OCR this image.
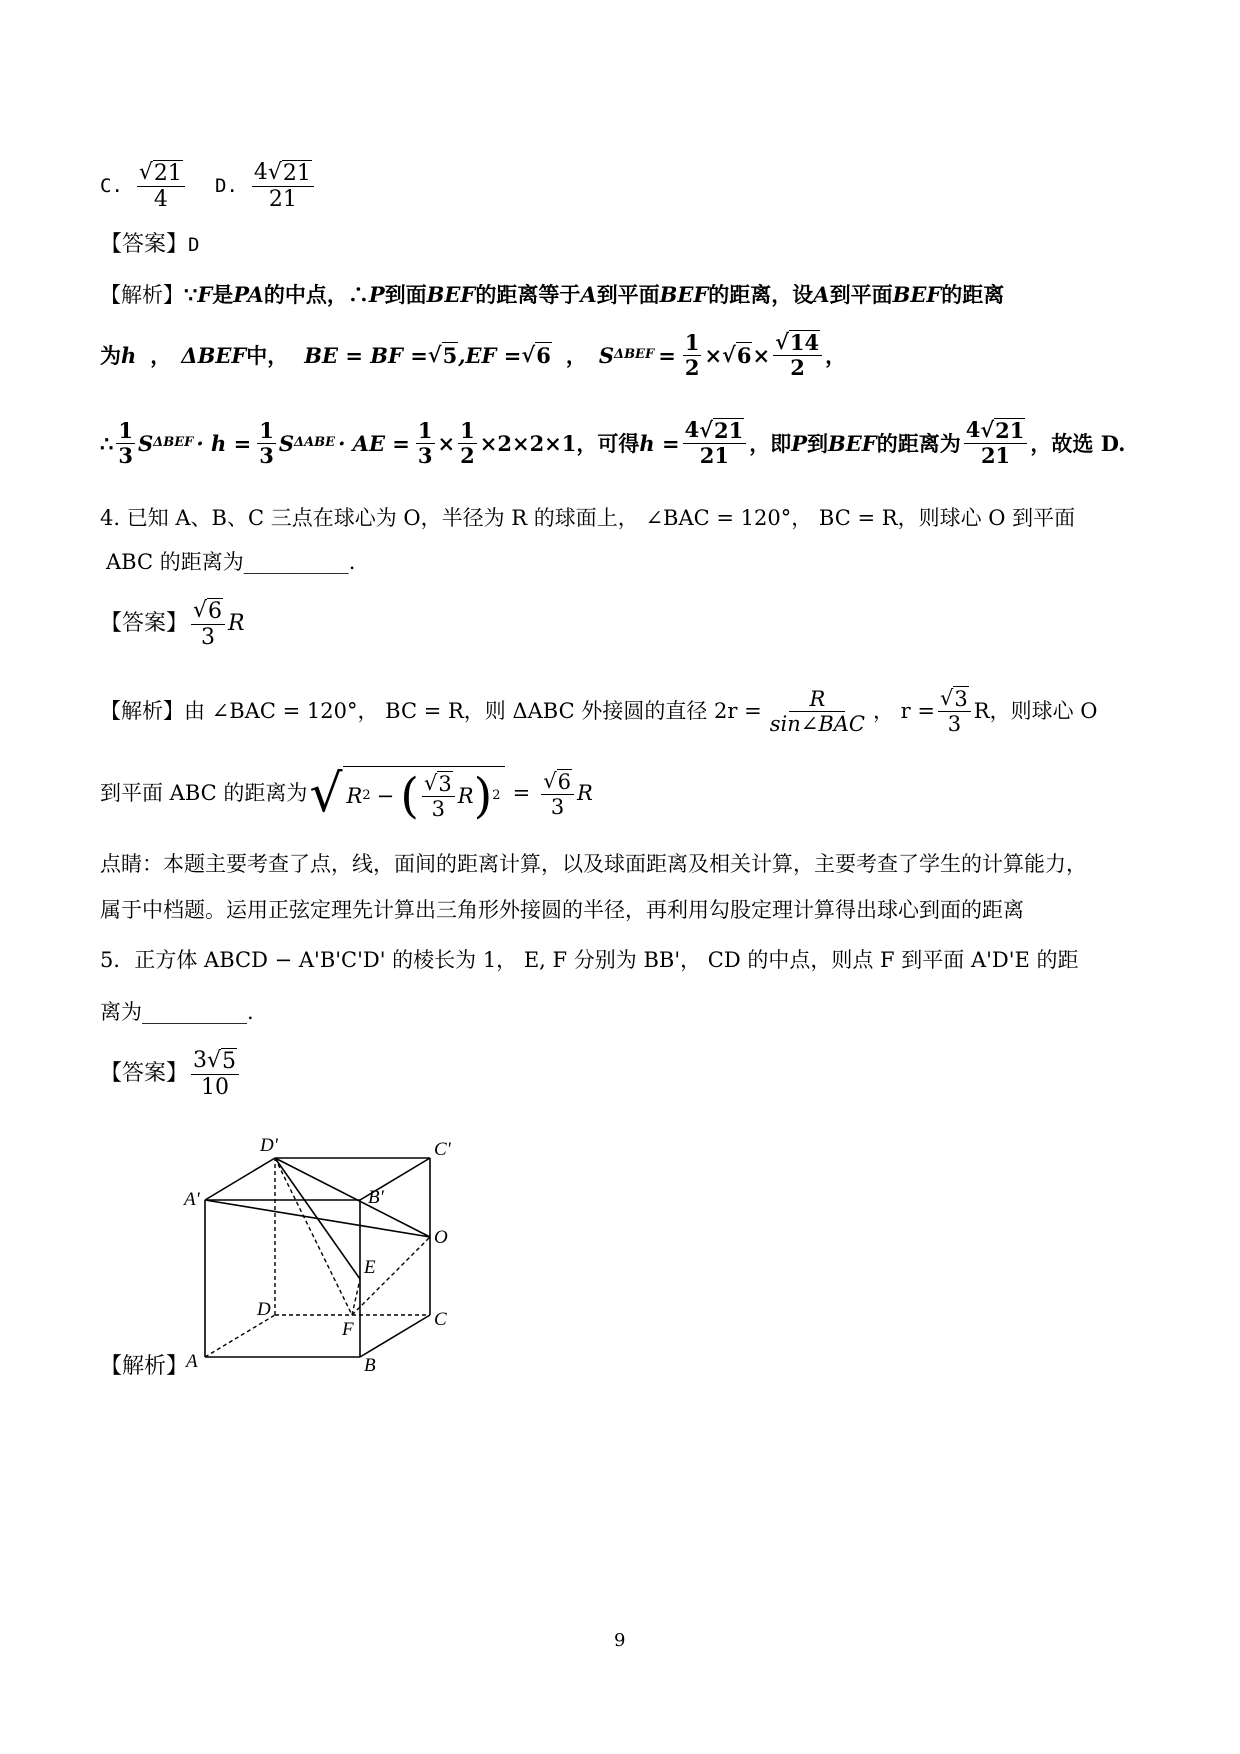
C. $\frac{√ 21}{4} D$. $\frac{4 √ 21}{21}$
【答案】D
【解析】∵F是PA的中点，∴P到面BEF的距离等于A到平面BEF的距离，设A到平面BEF的距离
为 h ， ΔBEF 中， BE = BF = √ 5 ,EF = √ 6 ， S $\Delta BEF = \frac{1}{2}$ × √ $6 \times \frac{√ 14}{2}$ ，
∴ $\frac{1}{3}$ S $\Delta BEF \cdot h = \frac{1}{3}$ S ΔABE · AE = $\frac{1}{3} \times \frac{1}{2} \times 2\times 2\times 1$ ，可得 $h = \frac{4 √ 21}{21}$ ，即 P 到 BEF 的距离为 $\frac{4 √ 21}{21}$ ，故选 D.
4. 已知 A、B、C 三点在球心为 O，半径为 R 的球面上， ∠BAC = 120°， BC = R，则球心 O 到平面
ABC 的距离为__________.
【答案】 $\frac{√ 6}{3}$ R
【解析】 由 ∠BAC = 120°， BC = R，则 ΔABC 外接圆的直径 $2r = \frac{R}{\text{sin∠BAC}}$ ， $r = \frac{√ 3}{3}$ R，则球心 O
到平面 ABC 的距离为 √ R 2 − ( $\frac{√ 3}{3}$ R ) $2 = \frac{√ 6}{3}$ R
点睛：本题主要考查了点，线，面间的距离计算，以及球面距离及相关计算，主要考查了学生的计算能力，
属于中档题。运用正弦定理先计算出三角形外接圆的半径，再利用勾股定理计算得出球心到面的距离
5．正方体 ABCD − A'B'C'D' 的棱长为 1， E, F 分别为 BB'， CD 的中点，则点 F 到平面 A'D'E 的距
离为__________.
【答案】 $\frac{3 √ 5}{10}$
D'	C'
A'	B'
O
E
D	C
F
A	B
【解析】
9
